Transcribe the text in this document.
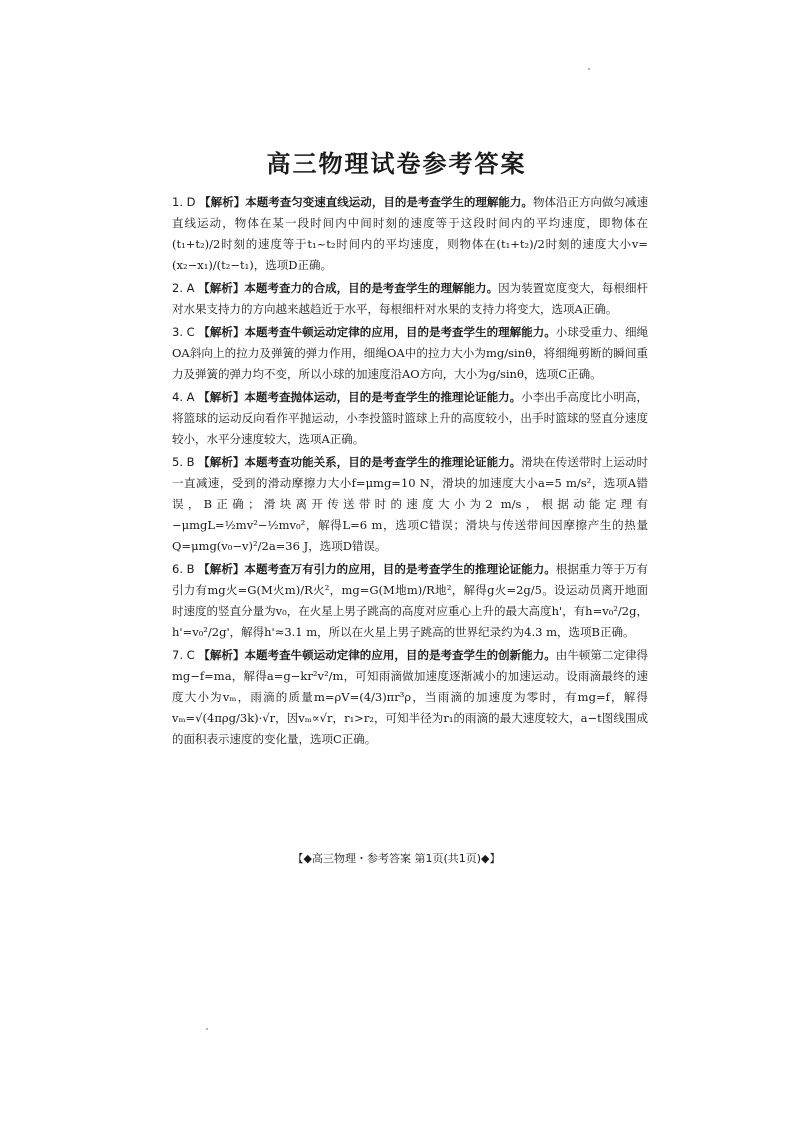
高三物理试卷参考答案

1. D 【解析】本题考查匀变速直线运动，目的是考查学生的理解能力。物体沿正方向做匀减速直线运动，物体在某一段时间内中间时刻的速度等于这段时间内的平均速度，即物体在(t₁+t₂)/2时刻的速度等于t₁~t₂时间内的平均速度，则物体在(t₁+t₂)/2时刻的速度大小v=(x₂−x₁)/(t₂−t₁)，选项D正确。

2. A 【解析】本题考查力的合成，目的是考查学生的理解能力。因为装置宽度变大，每根细杆对水果支持力的方向越来越趋近于水平，每根细杆对水果的支持力将变大，选项A正确。

3. C 【解析】本题考查牛顿运动定律的应用，目的是考查学生的理解能力。小球受重力、细绳OA斜向上的拉力及弹簧的弹力作用，细绳OA中的拉力大小为mg/sinθ，将细绳剪断的瞬间重力及弹簧的弹力均不变，所以小球的加速度沿AO方向，大小为g/sinθ，选项C正确。

4. A 【解析】本题考查抛体运动，目的是考查学生的推理论证能力。小李出手高度比小明高，将篮球的运动反向看作平抛运动，小李投篮时篮球上升的高度较小，出手时篮球的竖直分速度较小，水平分速度较大，选项A正确。

5. B 【解析】本题考查功能关系，目的是考查学生的推理论证能力。滑块在传送带时上运动时一直减速，受到的滑动摩擦力大小f=μmg=10 N，滑块的加速度大小a=5 m/s²，选项A错误，B正确；滑块离开传送带时的速度大小为2 m/s，根据动能定理有−μmgL=½mv²−½mv₀²，解得L=6 m，选项C错误；滑块与传送带间因摩擦产生的热量Q=μmg(v₀−v)²/2a=36 J，选项D错误。

6. B 【解析】本题考查万有引力的应用，目的是考查学生的推理论证能力。根据重力等于万有引力有mg火=G(M火m)/R火²，mg=G(M地m)/R地²，解得g火=2g/5。设运动员离开地面时速度的竖直分量为v₀，在火星上男子跳高的高度对应重心上升的最大高度h'，有h=v₀²/2g，h'=v₀²/2g'，解得h'≈3.1 m，所以在火星上男子跳高的世界纪录约为4.3 m，选项B正确。

7. C 【解析】本题考查牛顿运动定律的应用，目的是考查学生的创新能力。由牛顿第二定律得mg−f=ma，解得a=g−kr²v²/m，可知雨滴做加速度逐渐减小的加速运动。设雨滴最终的速度大小为vₘ，雨滴的质量m=ρV=(4/3)πr³ρ，当雨滴的加速度为零时，有mg=f，解得vₘ=√(4πρg/3k)·√r，因vₘ∝√r，r₁>r₂，可知半径为r₁的雨滴的最大速度较大，a−t图线围成的面积表示速度的变化量，选项C正确。

【◆高三物理・参考答案 第1页(共1页)◆】
